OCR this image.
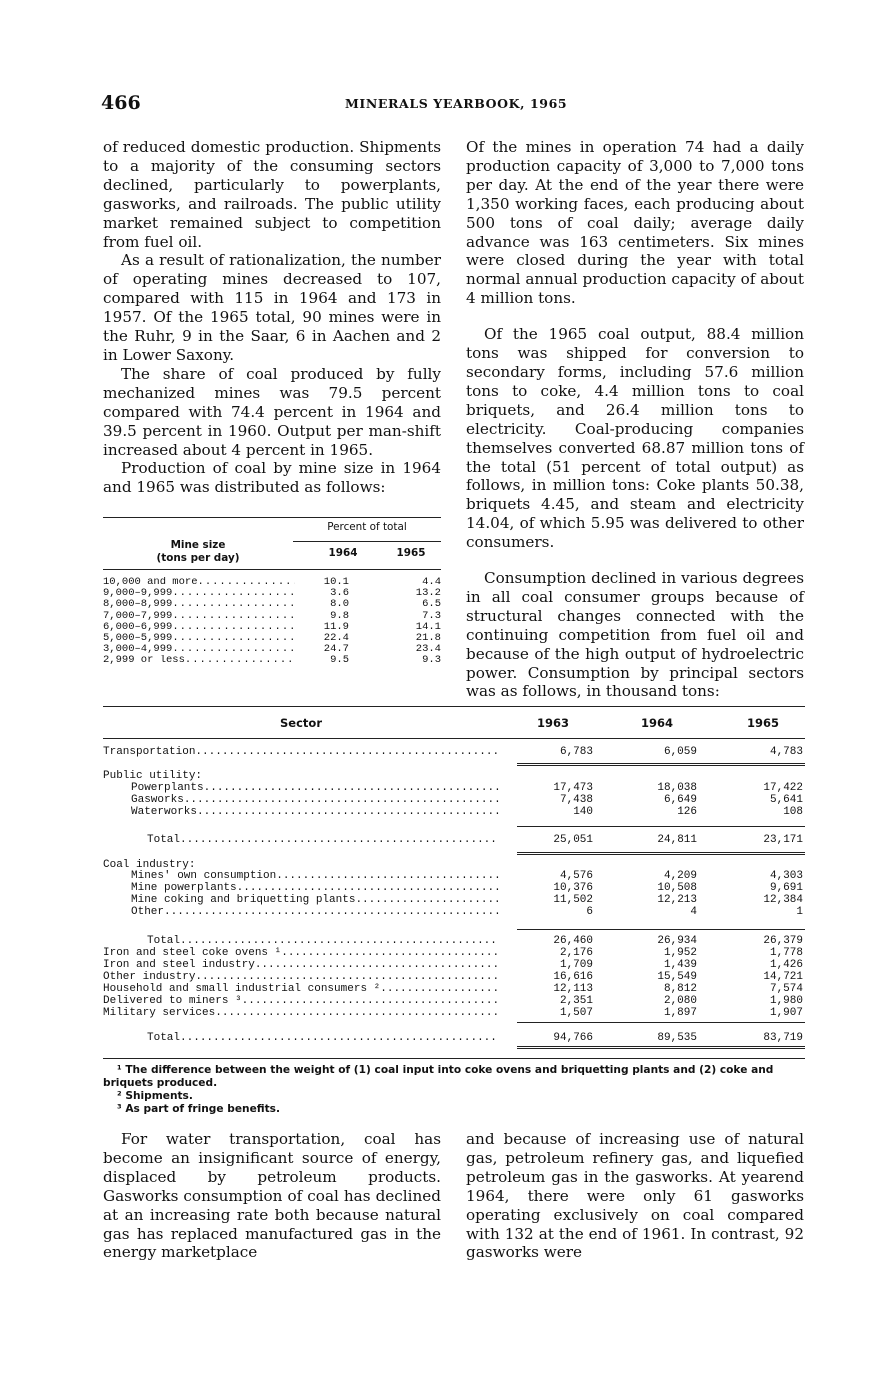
466	MINERALS YEARBOOK, 1965

of reduced domestic production. Shipments to a majority of the consuming sectors declined, particularly to powerplants, gasworks, and railroads. The public utility market remained subject to competition from fuel oil.

As a result of rationalization, the number of operating mines decreased to 107, compared with 115 in 1964 and 173 in 1957. Of the 1965 total, 90 mines were in the Ruhr, 9 in the Saar, 6 in Aachen and 2 in Lower Saxony.

The share of coal produced by fully mechanized mines was 79.5 percent compared with 74.4 percent in 1964 and 39.5 percent in 1960. Output per man-shift increased about 4 percent in 1965.

Production of coal by mine size in 1964 and 1965 was distributed as follows:

Of the mines in operation 74 had a daily production capacity of 3,000 to 7,000 tons per day. At the end of the year there were 1,350 working faces, each producing about 500 tons of coal daily; average daily advance was 163 centimeters. Six mines were closed during the year with total normal annual production capacity of about 4 million tons.

Of the 1965 coal output, 88.4 million tons was shipped for conversion to secondary forms, including 57.6 million tons to coke, 4.4 million tons to coal briquets, and 26.4 million tons to electricity. Coal-producing companies themselves converted 68.87 million tons of the total (51 percent of total output) as follows, in million tons: Coke plants 50.38, briquets 4.45, and steam and electricity 14.04, of which 5.95 was delivered to other consumers.

Consumption declined in various degrees in all coal consumer groups because of structural changes connected with the continuing competition from fuel oil and because of the high output of hydroelectric power. Consumption by principal sectors was as follows, in thousand tons:

Percent of total
Mine size
(tons per day)	1964	1965
10,000 and more .....	10.1	4.4
9,000–9,999 .....	3.6	13.2
8,000–8,999 .....	8.0	6.5
7,000–7,999 .....	9.8	7.3
6,000–6,999 .....	11.9	14.1
5,000–5,999 .....	22.4	21.8
3,000–4,999 .....	24.7	23.4
2,999 or less .....	9.5	9.3
Sector	1963	1964	1965
Transportation .....	6,783	6,059	4,783
Public utility:
Powerplants .....	17,473	18,038	17,422
Gasworks .....	7,438	6,649	5,641
Waterworks .....	140	126	108
Total .....	25,051	24,811	23,171
Coal industry:
Mines' own consumption .....	4,576	4,209	4,303
Mine powerplants .....	10,376	10,508	9,691
Mine coking and briquetting plants .....	11,502	12,213	12,384
Other .....	6	4	1
Total .....	26,460	26,934	26,379
Iron and steel coke ovens ¹ .....	2,176	1,952	1,778
Iron and steel industry .....	1,709	1,439	1,426
Other industry .....	16,616	15,549	14,721
Household and small industrial consumers ² .....	12,113	8,812	7,574
Delivered to miners ³ .....	2,351	2,080	1,980
Military services .....	1,507	1,897	1,907
Total .....	94,766	89,535	83,719

¹ The difference between the weight of (1) coal input into coke ovens and briquetting plants and (2) coke and briquets produced.

² Shipments.

³ As part of fringe benefits.

For water transportation, coal has become an insignificant source of energy, displaced by petroleum products. Gasworks consumption of coal has declined at an increasing rate both because natural gas has replaced manufactured gas in the energy marketplace

and because of increasing use of natural gas, petroleum refinery gas, and liquefied petroleum gas in the gasworks. At yearend 1964, there were only 61 gasworks operating exclusively on coal compared with 132 at the end of 1961. In contrast, 92 gasworks were
